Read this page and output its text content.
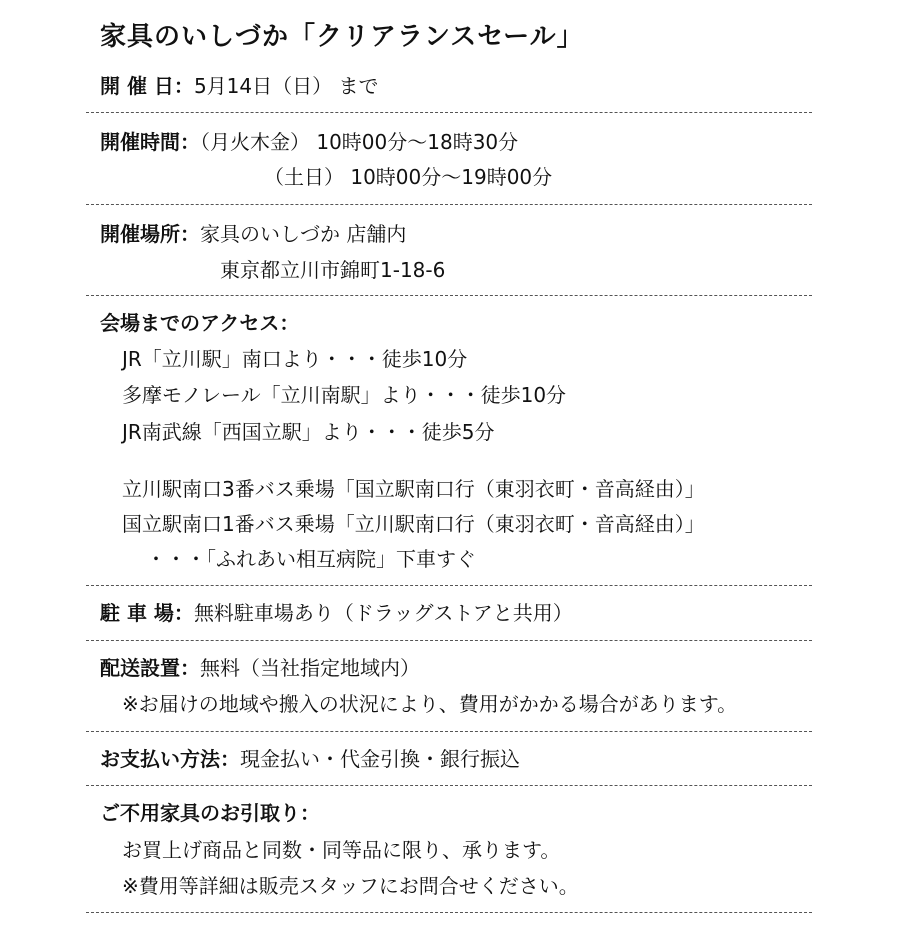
家具のいしづか「クリアランスセール」
開 催 日：5月14日（日） まで
開催時間：（月火木金） 10時00分～18時30分
（土日） 10時00分～19時00分
開催場所：家具のいしづか 店舗内
東京都立川市錦町1-18-6
会場までのアクセス：
JR「立川駅」南口より・・・徒歩10分
多摩モノレール「立川南駅」より・・・徒歩10分
JR南武線「西国立駅」より・・・徒歩5分
立川駅南口3番バス乗場「国立駅南口行（東羽衣町・音高経由）」
国立駅南口1番バス乗場「立川駅南口行（東羽衣町・音高経由）」
・・・「ふれあい相互病院」下車すぐ
駐 車 場：無料駐車場あり（ドラッグストアと共用）
配送設置：無料（当社指定地域内）
※お届けの地域や搬入の状況により、費用がかかる場合があります。
お支払い方法：現金払い・代金引換・銀行振込
ご不用家具のお引取り：
お買上げ商品と同数・同等品に限り、承ります。
※費用等詳細は販売スタッフにお問合せください。
